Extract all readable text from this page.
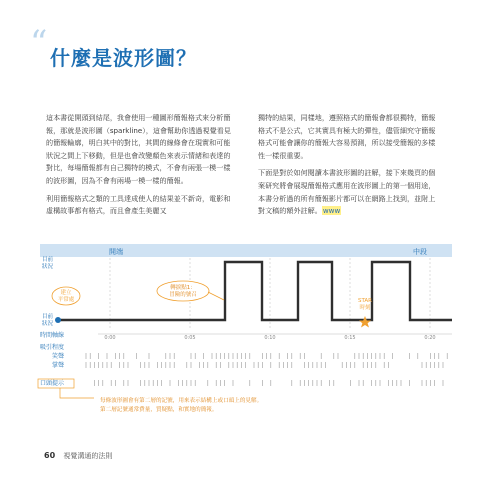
“ 什麼是波形圖？

這本書從開頭到結尾，我會使用一種圖形簡報格式來分析簡報，那就是波形圖（sparkline），這會幫助你透過視覺看見的簡報輪廓，明白其中的對比，其間的線條會在現實和可能狀況之間上下移動，但是也會改變顏色來表示情緒和表達的對比，每場簡報都有自己獨特的模式，不會有兩張一模一樣的波形圖，因為不會有兩場一模一樣的簡報。

利用簡報格式之類的工具達成使人的結果並不新奇，電影和虛構故事都有格式，而且會產生美麗又

獨特的結果，同樣地，遵照格式的簡報會都很獨特，簡報格式不是公式，它其實具有極大的彈性，儘管細究守簡報格式可能會讓你的簡報大容易預測，所以接受簡報的多樣性一樣很重要。

下面是對於如何閱讀本書波形圖的註解，接下來幾頁的個案研究將會展現簡報格式應用在波形圖上的第一個用途，本書分析過的所有簡報影片都可以在網路上找到，並附上對文稿的額外註解。www

開端	中段
目前
狀況
目前
狀況
建立
平常處
轉捩點1：
冒險的號召
STAR
時刻
時間軸線	0:00	0:05	0:10	0:15	0:20
吸引程度
笑聲
掌聲
口頭提示
每條波形圖會有第二層的記號，用來表示結構上或口頭上的見解。
第二層記號通常費量，質疑點，和實地的簡報。
60 視覺溝通的法則
